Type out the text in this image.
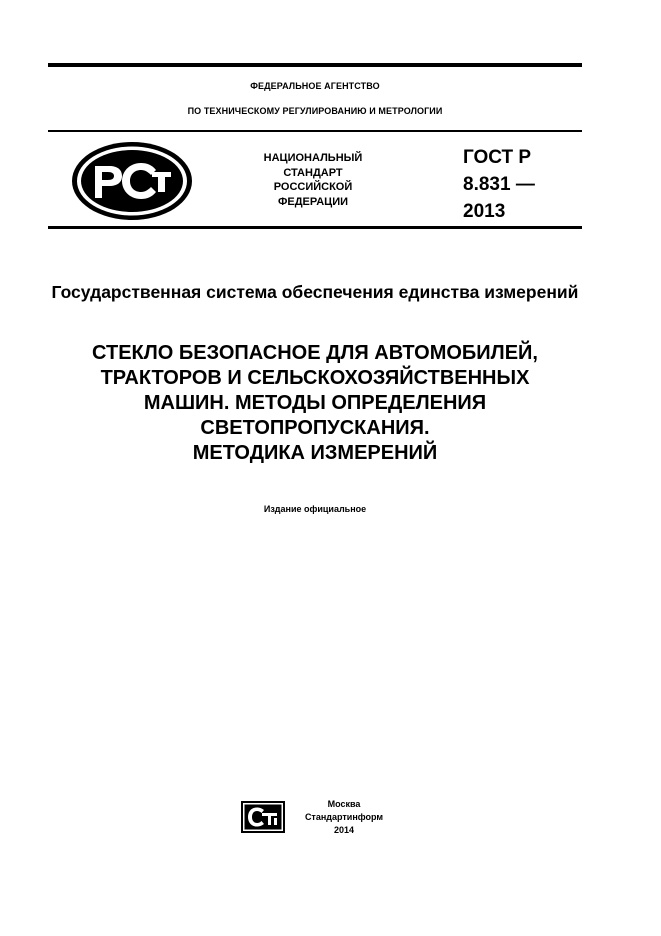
ФЕДЕРАЛЬНОЕ АГЕНТСТВО
ПО ТЕХНИЧЕСКОМУ РЕГУЛИРОВАНИЮ И МЕТРОЛОГИИ
НАЦИОНАЛЬНЫЙ
СТАНДАРТ
РОССИЙСКОЙ
ФЕДЕРАЦИИ
ГОСТ Р
8.831 —
2013
Государственная система обеспечения единства измерений
СТЕКЛО БЕЗОПАСНОЕ ДЛЯ АВТОМОБИЛЕЙ,
ТРАКТОРОВ И СЕЛЬСКОХОЗЯЙСТВЕННЫХ
МАШИН. МЕТОДЫ ОПРЕДЕЛЕНИЯ
СВЕТОПРОПУСКАНИЯ.
МЕТОДИКА ИЗМЕРЕНИЙ
Издание официальное
Москва
Стандартинформ
2014
